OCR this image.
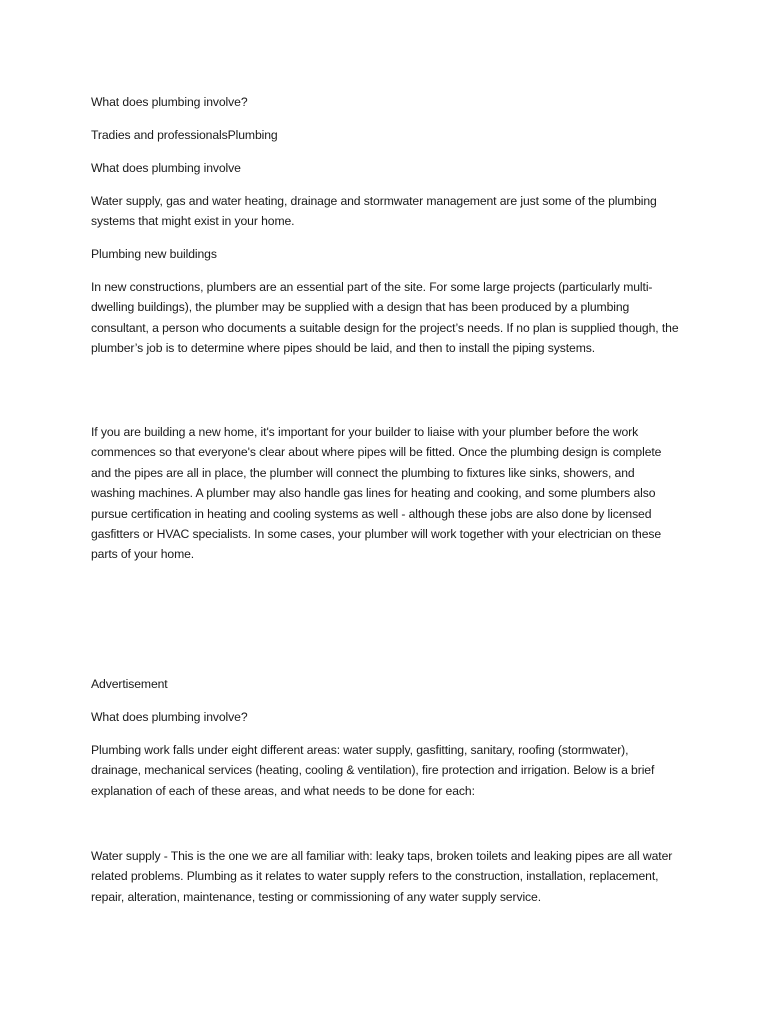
What does plumbing involve?

Tradies and professionalsPlumbing

What does plumbing involve

Water supply, gas and water heating, drainage and stormwater management are just some of the plumbing systems that might exist in your home.

Plumbing new buildings

In new constructions, plumbers are an essential part of the site. For some large projects (particularly multi-dwelling buildings), the plumber may be supplied with a design that has been produced by a plumbing consultant, a person who documents a suitable design for the project’s needs. If no plan is supplied though, the plumber’s job is to determine where pipes should be laid, and then to install the piping systems.

If you are building a new home, it's important for your builder to liaise with your plumber before the work commences so that everyone's clear about where pipes will be fitted. Once the plumbing design is complete and the pipes are all in place, the plumber will connect the plumbing to fixtures like sinks, showers, and washing machines. A plumber may also handle gas lines for heating and cooking, and some plumbers also pursue certification in heating and cooling systems as well - although these jobs are also done by licensed gasfitters or HVAC specialists. In some cases, your plumber will work together with your electrician on these parts of your home.

Advertisement

What does plumbing involve?

Plumbing work falls under eight different areas: water supply, gasfitting, sanitary, roofing (stormwater), drainage, mechanical services (heating, cooling & ventilation), fire protection and irrigation. Below is a brief explanation of each of these areas, and what needs to be done for each:

Water supply - This is the one we are all familiar with: leaky taps, broken toilets and leaking pipes are all water related problems. Plumbing as it relates to water supply refers to the construction, installation, replacement, repair, alteration, maintenance, testing or commissioning of any water supply service.
